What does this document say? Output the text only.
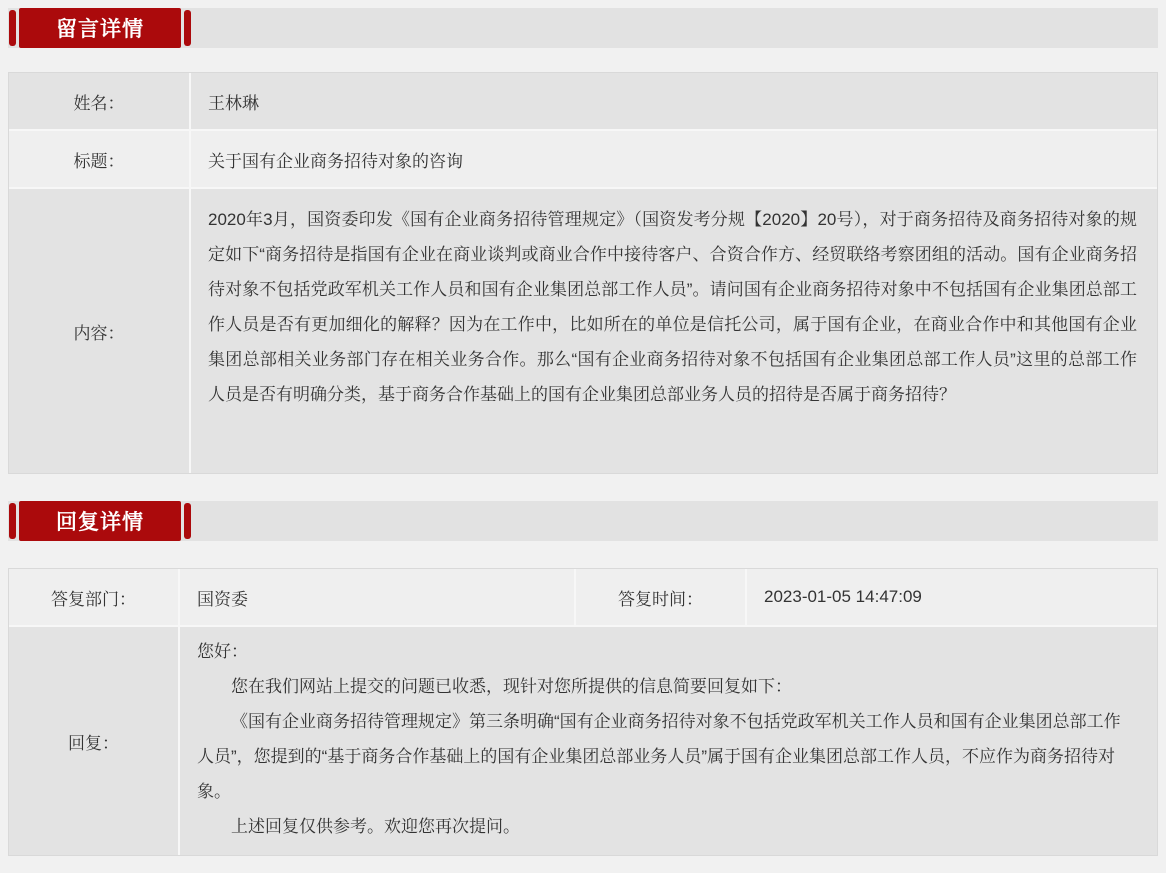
留言详情
姓名：	王林琳
标题：	关于国有企业商务招待对象的咨询
内容：
2020年3月，国资委印发《国有企业商务招待管理规定》（国资发考分规【2020】20号），对于商务招待及商务招待对象的规定如下“商务招待是指国有企业在商业谈判或商业合作中接待客户、合资合作方、经贸联络考察团组的活动。国有企业商务招待对象不包括党政军机关工作人员和国有企业集团总部工作人员”。请问国有企业商务招待对象中不包括国有企业集团总部工作人员是否有更加细化的解释？因为在工作中，比如所在的单位是信托公司，属于国有企业，在商业合作中和其他国有企业集团总部相关业务部门存在相关业务合作。那么“国有企业商务招待对象不包括国有企业集团总部工作人员”这里的总部工作人员是否有明确分类，基于商务合作基础上的国有企业集团总部业务人员的招待是否属于商务招待？
回复详情
答复部门：	国资委	答复时间：	2023-01-05 14:47:09
回复：

您好：

您在我们网站上提交的问题已收悉，现针对您所提供的信息简要回复如下：

《国有企业商务招待管理规定》第三条明确“国有企业商务招待对象不包括党政军机关工作人员和国有企业集团总部工作人员”，您提到的“基于商务合作基础上的国有企业集团总部业务人员”属于国有企业集团总部工作人员，不应作为商务招待对象。

上述回复仅供参考。欢迎您再次提问。
